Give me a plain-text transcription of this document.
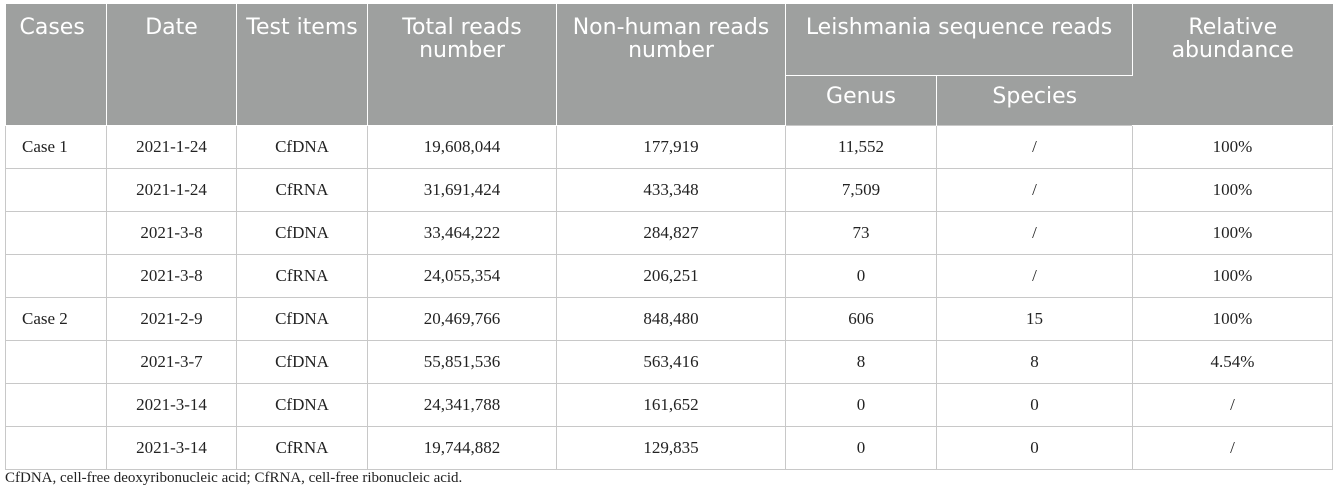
Cases	Date	Test items	Total reads number	Non-human reads number	Leishmania sequence reads		Relative abundance
					Genus	Species	
Case 1	2021-1-24	CfDNA	19,608,044	177,919	11,552	/	100%
	2021-1-24	CfRNA	31,691,424	433,348	7,509	/	100%
	2021-3-8	CfDNA	33,464,222	284,827	73	/	100%
	2021-3-8	CfRNA	24,055,354	206,251	0	/	100%
Case 2	2021-2-9	CfDNA	20,469,766	848,480	606	15	100%
	2021-3-7	CfDNA	55,851,536	563,416	8	8	4.54%
	2021-3-14	CfDNA	24,341,788	161,652	0	0	/
	2021-3-14	CfRNA	19,744,882	129,835	0	0	/
CfDNA, cell-free deoxyribonucleic acid; CfRNA, cell-free ribonucleic acid.
